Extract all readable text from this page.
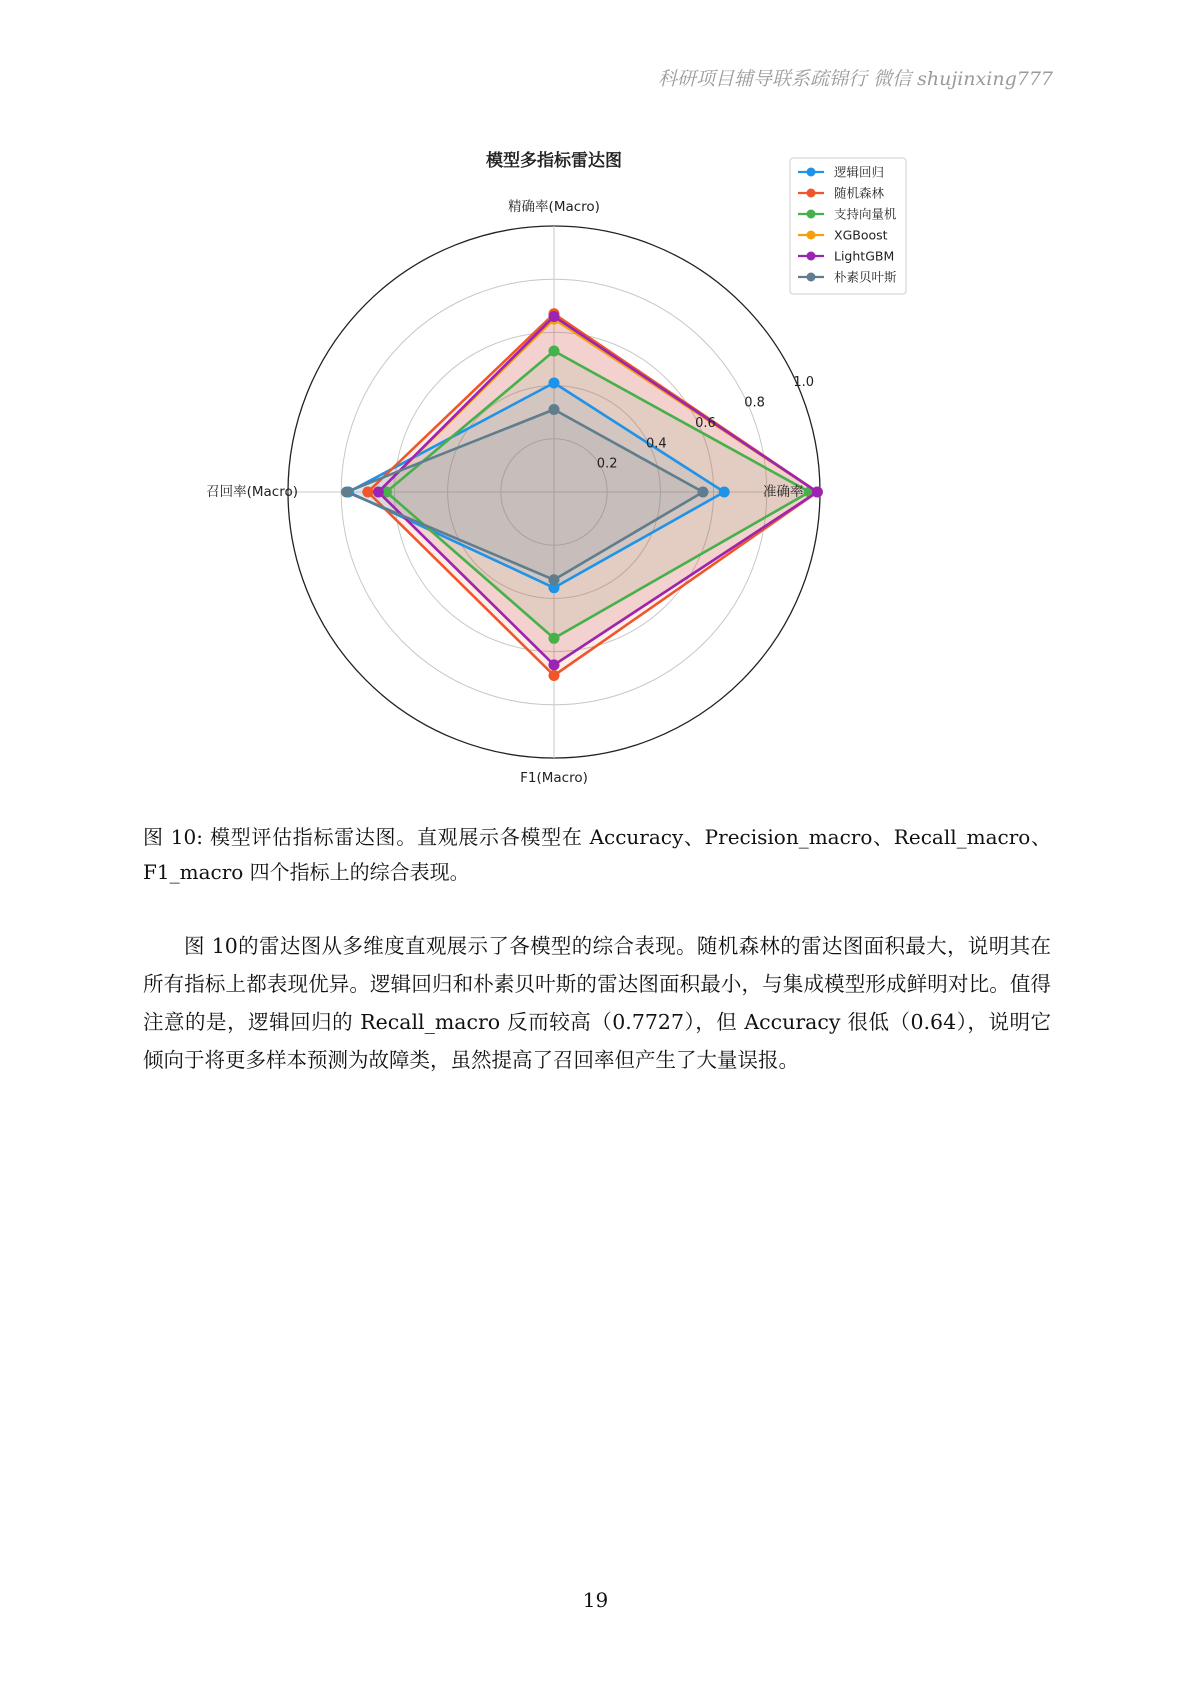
科研项目辅导联系疏锦行 微信 shujinxing777
模型多指标雷达图
准确率
精确率(Macro)
召回率(Macro)
F1(Macro)
0.2
0.4
0.6
0.8
1.0
逻辑回归
随机森林
支持向量机
XGBoost
LightGBM
朴素贝叶斯
图 10: 模型评估指标雷达图。直观展示各模型在 Accuracy、Precision_macro、Recall_macro、F1_macro 四个指标上的综合表现。
图 10的雷达图从多维度直观展示了各模型的综合表现。随机森林的雷达图面积最大，说明其在所有指标上都表现优异。逻辑回归和朴素贝叶斯的雷达图面积最小，与集成模型形成鲜明对比。值得注意的是，逻辑回归的 Recall_macro 反而较高（0.7727），但 Accuracy 很低（0.64），说明它倾向于将更多样本预测为故障类，虽然提高了召回率但产生了大量误报。
19
